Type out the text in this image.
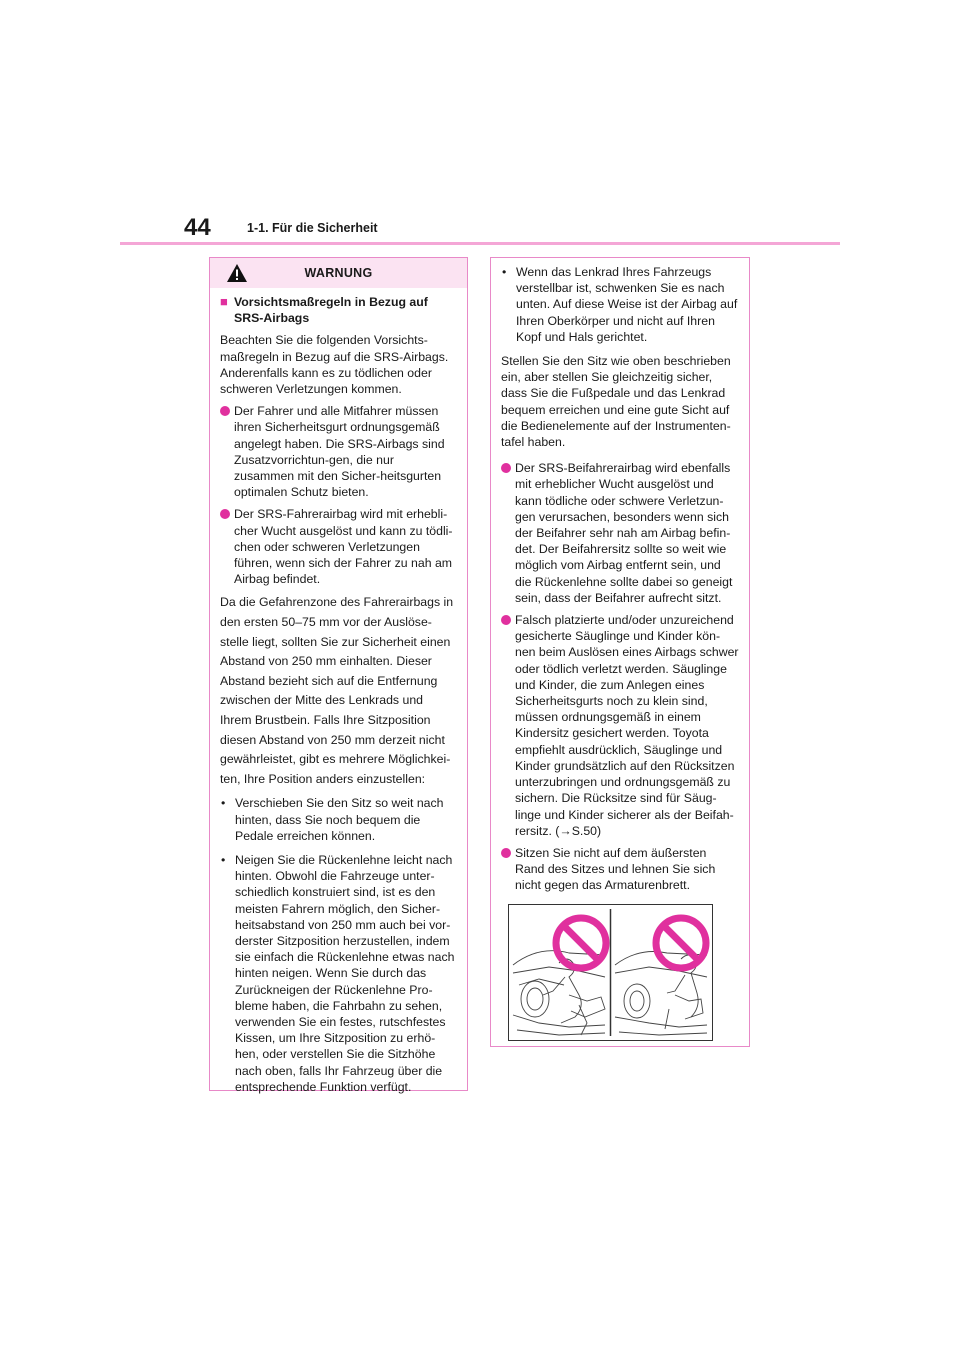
44	1-1. Für die Sicherheit
WARNUNG
■ Vorsichtsmaßregeln in Bezug auf SRS-Airbags

Beachten Sie die folgenden Vorsichts-maßregeln in Bezug auf die SRS-Airbags. Anderenfalls kann es zu tödlichen oder schweren Verletzungen kommen.

Der Fahrer und alle Mitfahrer müssen ihren Sicherheitsgurt ordnungsgemäß angelegt haben. Die SRS-Airbags sind Zusatzvorrichtun-gen, die nur zusammen mit den Sicher-heitsgurten optimalen Schutz bieten.
Der SRS-Fahrerairbag wird mit erhebli-cher Wucht ausgelöst und kann zu tödli-chen oder schweren Verletzungen führen, wenn sich der Fahrer zu nah am Airbag befindet.

Da die Gefahrenzone des Fahrerairbags in den ersten 50–75 mm vor der Auslöse-stelle liegt, sollten Sie zur Sicherheit einen Abstand von 250 mm einhalten. Dieser Abstand bezieht sich auf die Entfernung zwischen der Mitte des Lenkrads und Ihrem Brustbein. Falls Ihre Sitzposition diesen Abstand von 250 mm derzeit nicht gewährleistet, gibt es mehrere Möglichkei-ten, Ihre Position anders einzustellen:

• Verschieben Sie den Sitz so weit nach hinten, dass Sie noch bequem die Pedale erreichen können.
• Neigen Sie die Rückenlehne leicht nach hinten. Obwohl die Fahrzeuge unter-schiedlich konstruiert sind, ist es den meisten Fahrern möglich, den Sicher-heitsabstand von 250 mm auch bei vor-derster Sitzposition herzustellen, indem sie einfach die Rückenlehne etwas nach hinten neigen. Wenn Sie durch das Zurückneigen der Rückenlehne Pro-bleme haben, die Fahrbahn zu sehen, verwenden Sie ein festes, rutschfestes Kissen, um Ihre Sitzposition zu erhö-hen, oder verstellen Sie die Sitzhöhe nach oben, falls Ihr Fahrzeug über die entsprechende Funktion verfügt.
• Wenn das Lenkrad Ihres Fahrzeugs verstellbar ist, schwenken Sie es nach unten. Auf diese Weise ist der Airbag auf Ihren Oberkörper und nicht auf Ihren Kopf und Hals gerichtet.

Stellen Sie den Sitz wie oben beschrieben ein, aber stellen Sie gleichzeitig sicher, dass Sie die Fußpedale und das Lenkrad bequem erreichen und eine gute Sicht auf die Bedienelemente auf der Instrumenten-tafel haben.

Der SRS-Beifahrerairbag wird ebenfalls mit erheblicher Wucht ausgelöst und kann tödliche oder schwere Verletzun-gen verursachen, besonders wenn sich der Beifahrer sehr nah am Airbag befin-det. Der Beifahrersitz sollte so weit wie möglich vom Airbag entfernt sein, und die Rückenlehne sollte dabei so geneigt sein, dass der Beifahrer aufrecht sitzt.
Falsch platzierte und/oder unzureichend gesicherte Säuglinge und Kinder kön-nen beim Auslösen eines Airbags schwer oder tödlich verletzt werden. Säuglinge und Kinder, die zum Anlegen eines Sicherheitsgurts noch zu klein sind, müssen ordnungsgemäß in einem Kindersitz gesichert werden. Toyota empfiehlt ausdrücklich, Säuglinge und Kinder grundsätzlich auf den Rücksitzen unterzubringen und ordnungsgemäß zu sichern. Die Rücksitze sind für Säug-linge und Kinder sicherer als der Beifah-rersitz. (→S.50)
Sitzen Sie nicht auf dem äußersten Rand des Sitzes und lehnen Sie sich nicht gegen das Armaturenbrett.
